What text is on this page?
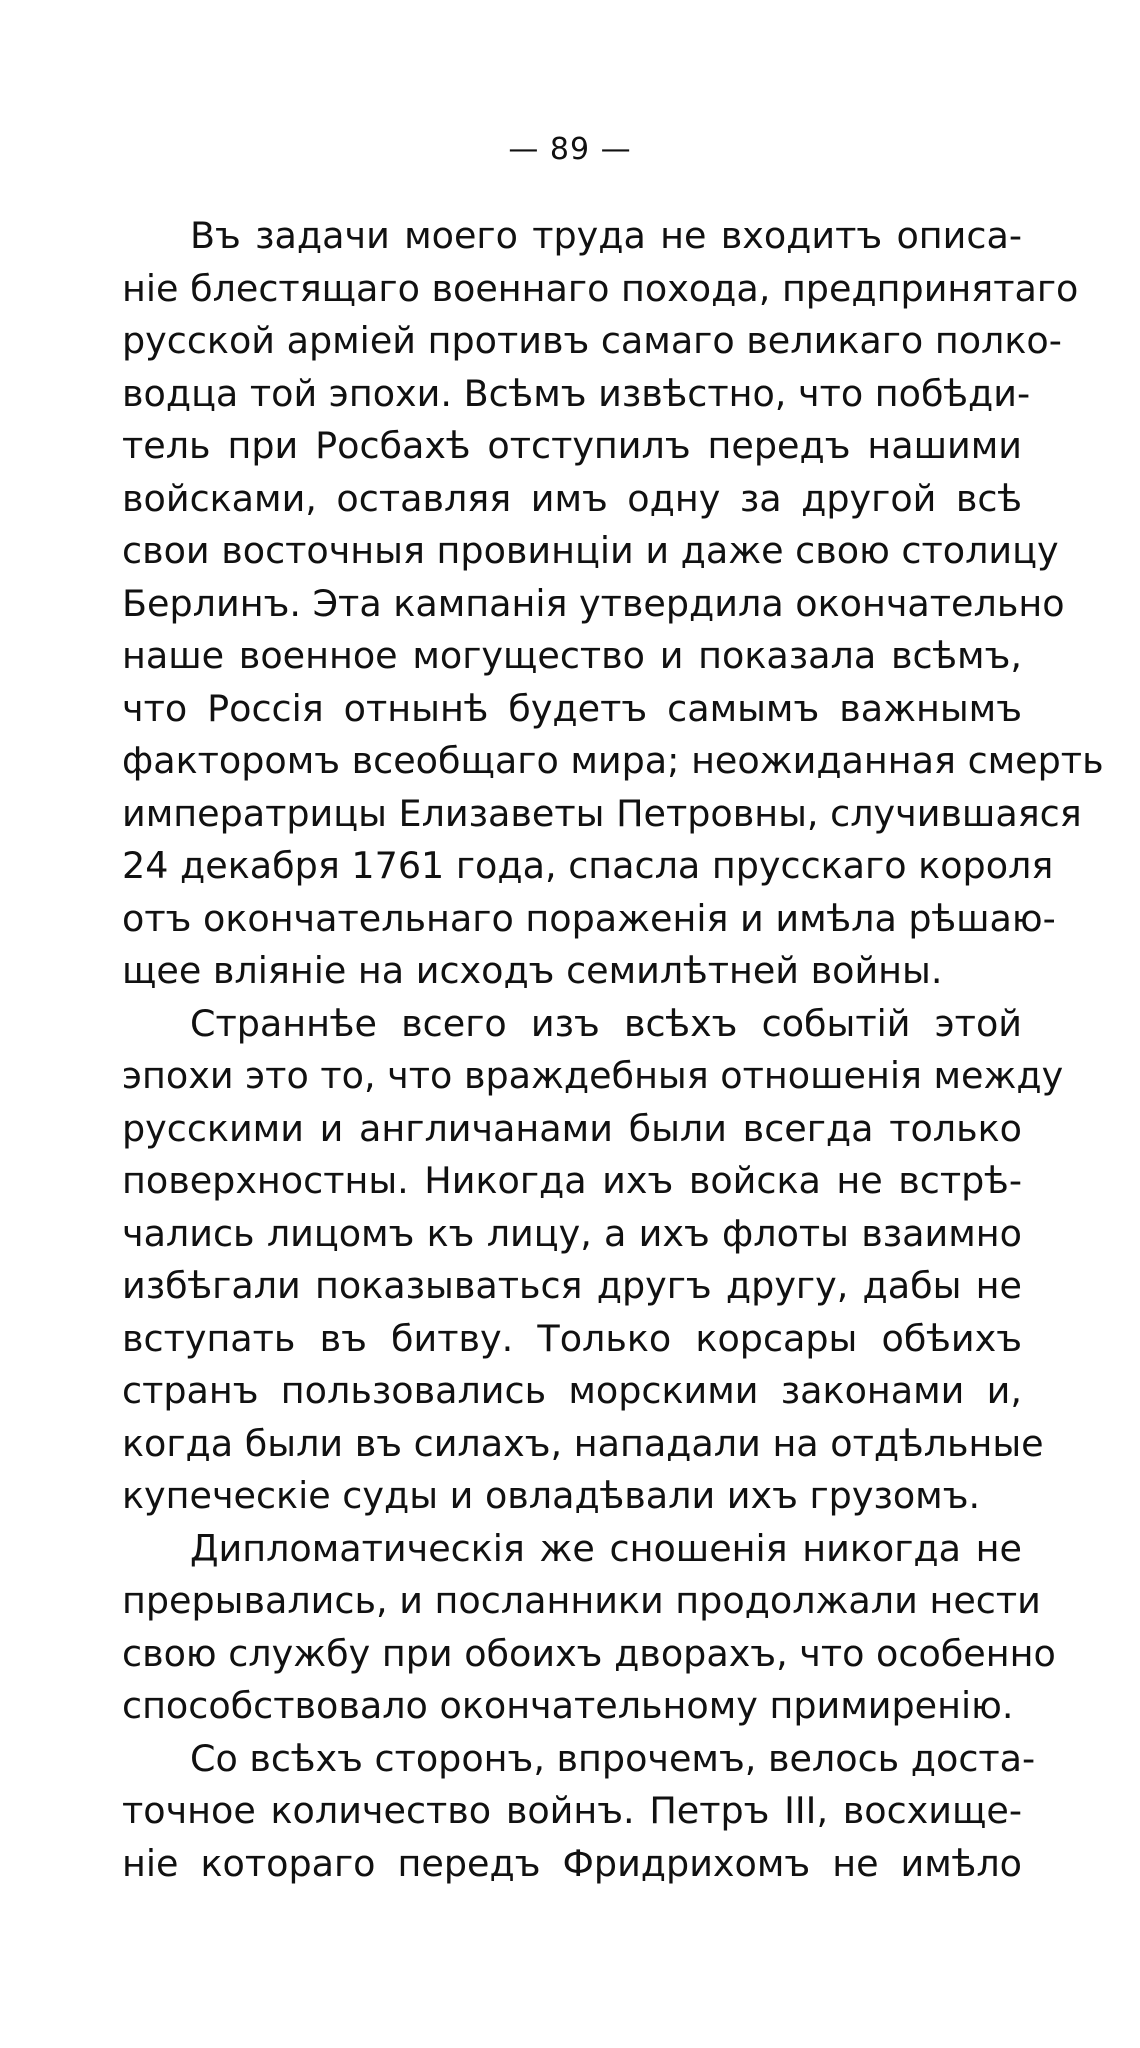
— 89 —
Въ задачи моего труда не входитъ описа-
нiе блестящаго военнаго похода, предпринятаго
русской армiей противъ самаго великаго полко-
водца той эпохи. Всѣмъ извѣстно, что побѣди-
тель при Росбахѣ отступилъ передъ нашими
войсками, оставляя имъ одну за другой всѣ
свои восточныя провинцiи и даже свою столицу
Берлинъ. Эта кампанiя утвердила окончательно
наше военное могущество и показала всѣмъ,
что Россiя отнынѣ будетъ самымъ важнымъ
факторомъ всеобщаго мира; неожиданная смерть
императрицы Елизаветы Петровны, случившаяся
24 декабря 1761 года, спасла прусскаго короля
отъ окончательнаго пораженiя и имѣла рѣшаю-
щее влiянiе на исходъ семилѣтней войны.
Страннѣе всего изъ всѣхъ событiй этой
эпохи это то, что враждебныя отношенiя между
русскими и англичанами были всегда только
поверхностны. Никогда ихъ войска не встрѣ-
чались лицомъ къ лицу, а ихъ флоты взаимно
избѣгали показываться другъ другу, дабы не
вступать въ битву. Только корсары обѣихъ
странъ пользовались морскими законами и,
когда были въ силахъ, нападали на отдѣльные
купеческiе суды и овладѣвали ихъ грузомъ.
Дипломатическiя же сношенiя никогда не
прерывались, и посланники продолжали нести
свою службу при обоихъ дворахъ, что особенно
способствовало окончательному примиренiю.
Со всѣхъ сторонъ, впрочемъ, велось доста-
точное количество войнъ. Петръ III, восхище-
нiе котораго передъ Фридрихомъ не имѣло
